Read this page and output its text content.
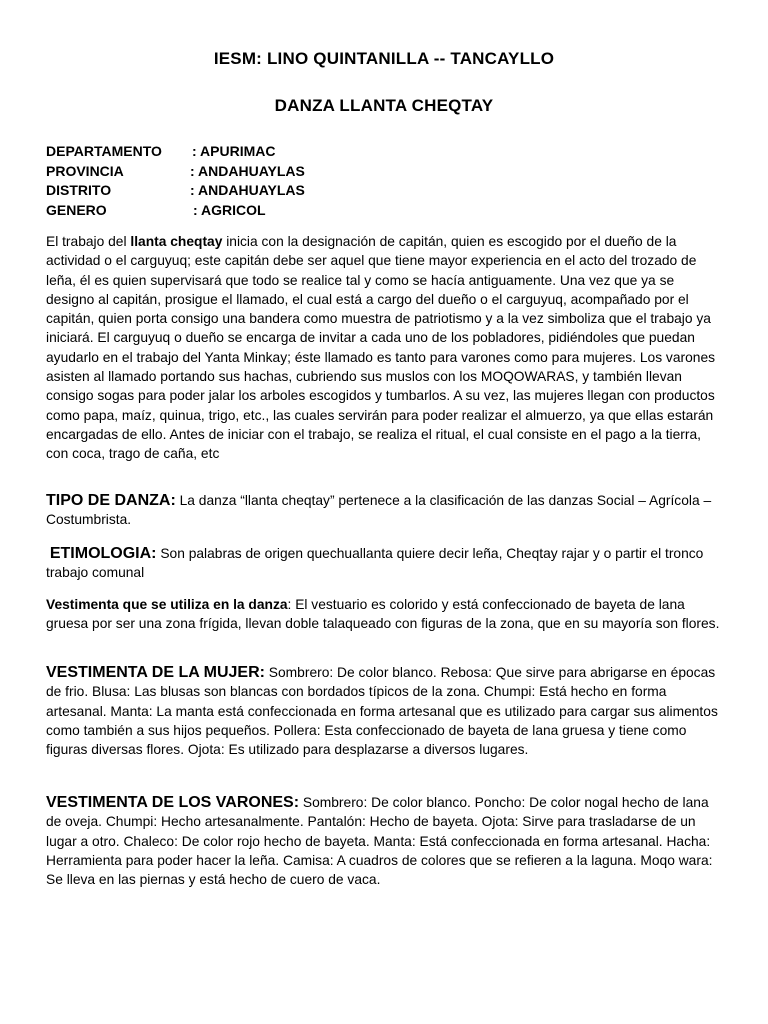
IESM: LINO QUINTANILLA -- TANCAYLLO
DANZA LLANTA CHEQTAY
DEPARTAMENTO	: APURIMAC
PROVINCIA	: ANDAHUAYLAS
DISTRITO	: ANDAHUAYLAS
GENERO	: AGRICOL
El trabajo del llanta cheqtay inicia con la designación de capitán, quien es escogido por el dueño de la actividad o el carguyuq; este capitán debe ser aquel que tiene mayor experiencia en el acto del trozado de leña, él es quien supervisará que todo se realice tal y como se hacía antiguamente. Una vez que ya se designo al capitán, prosigue el llamado, el cual está a cargo del dueño o el carguyuq, acompañado por el capitán, quien porta consigo una bandera como muestra de patriotismo y a la vez simboliza que el trabajo ya iniciará. El carguyuq o dueño se encarga de invitar a cada uno de los pobladores, pidiéndoles que puedan ayudarlo en el trabajo del Yanta Minkay; éste llamado es tanto para varones como para mujeres. Los varones asisten al llamado portando sus hachas, cubriendo sus muslos con los MOQOWARAS, y también llevan consigo sogas para poder jalar los arboles escogidos y tumbarlos. A su vez, las mujeres llegan con productos como papa, maíz, quinua, trigo, etc., las cuales servirán para poder realizar el almuerzo, ya que ellas estarán encargadas de ello. Antes de iniciar con el trabajo, se realiza el ritual, el cual consiste en el pago a la tierra, con coca, trago de caña, etc
TIPO DE DANZA: La danza “llanta cheqtay” pertenece a la clasificación de las danzas Social – Agrícola – Costumbrista.
ETIMOLOGIA: Son palabras de origen quechuallanta quiere decir leña, Cheqtay rajar y o partir el tronco trabajo comunal
Vestimenta que se utiliza en la danza: El vestuario es colorido y está confeccionado de bayeta de lana gruesa por ser una zona frígida, llevan doble talaqueado con figuras de la zona, que en su mayoría son flores.
VESTIMENTA DE LA MUJER: Sombrero: De color blanco. Rebosa: Que sirve para abrigarse en épocas de frio. Blusa: Las blusas son blancas con bordados típicos de la zona. Chumpi: Está hecho en forma artesanal. Manta: La manta está confeccionada en forma artesanal que es utilizado para cargar sus alimentos como también a sus hijos pequeños. Pollera: Esta confeccionado de bayeta de lana gruesa y tiene como figuras diversas flores. Ojota: Es utilizado para desplazarse a diversos lugares.
VESTIMENTA DE LOS VARONES: Sombrero: De color blanco. Poncho: De color nogal hecho de lana de oveja. Chumpi: Hecho artesanalmente. Pantalón: Hecho de bayeta. Ojota: Sirve para trasladarse de un lugar a otro. Chaleco: De color rojo hecho de bayeta. Manta: Está confeccionada en forma artesanal. Hacha: Herramienta para poder hacer la leña. Camisa: A cuadros de colores que se refieren a la laguna. Moqo wara: Se lleva en las piernas y está hecho de cuero de vaca.
